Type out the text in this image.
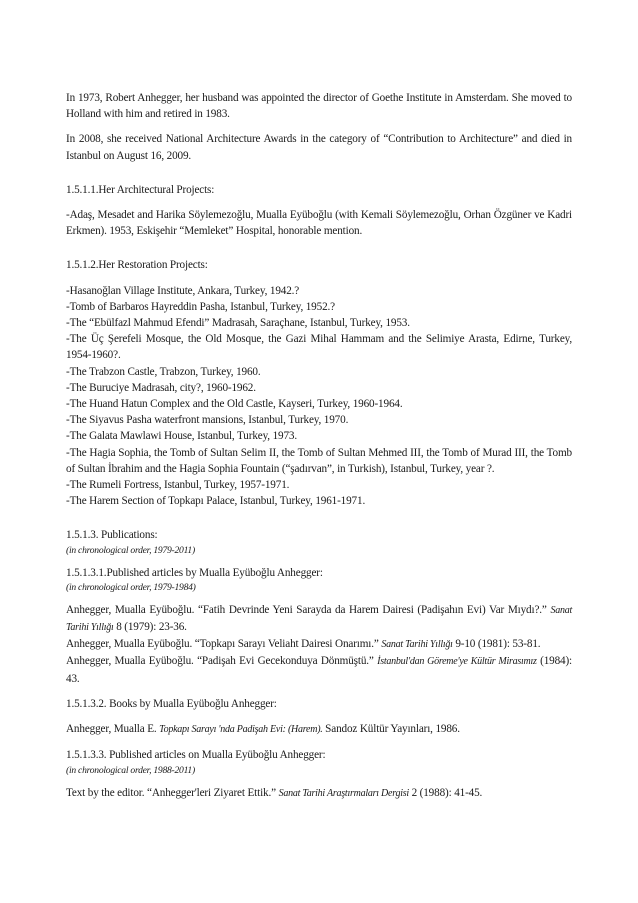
In 1973, Robert Anhegger, her husband was appointed the director of Goethe Institute in Amsterdam. She moved to Holland with him and retired in 1983.

In 2008, she received National Architecture Awards in the category of “Contribution to Architecture” and died in Istanbul on August 16, 2009.

1.5.1.1.Her Architectural Projects:

-Adaş, Mesadet and Harika Söylemezoğlu, Mualla Eyüboğlu (with Kemali Söylemezoğlu, Orhan Özgüner ve Kadri Erkmen). 1953, Eskişehir “Memleket” Hospital, honorable mention.

1.5.1.2.Her Restoration Projects:

-Hasanoğlan Village Institute, Ankara, Turkey, 1942.?

-Tomb of Barbaros Hayreddin Pasha, Istanbul, Turkey, 1952.?

-The “Ebülfazl Mahmud Efendi” Madrasah, Saraçhane, Istanbul, Turkey, 1953.

-The Üç Şerefeli Mosque, the Old Mosque, the Gazi Mihal Hammam and the Selimiye Arasta, Edirne, Turkey, 1954-1960?.

-The Trabzon Castle, Trabzon, Turkey, 1960.

-The Buruciye Madrasah, city?, 1960-1962.

-The Huand Hatun Complex and the Old Castle, Kayseri, Turkey, 1960-1964.

-The Siyavus Pasha waterfront mansions, Istanbul, Turkey, 1970.

-The Galata Mawlawi House, Istanbul, Turkey, 1973.

-The Hagia Sophia, the Tomb of Sultan Selim II, the Tomb of Sultan Mehmed III, the Tomb of Murad III, the Tomb of Sultan İbrahim and the Hagia Sophia Fountain (“şadırvan”, in Turkish), Istanbul, Turkey, year ?.

-The Rumeli Fortress, Istanbul, Turkey, 1957-1971.

-The Harem Section of Topkapı Palace, Istanbul, Turkey, 1961-1971.

1.5.1.3. Publications:

(in chronological order, 1979-2011)

1.5.1.3.1.Published articles by Mualla Eyüboğlu Anhegger:

(in chronological order, 1979-1984)

Anhegger, Mualla Eyüboğlu. “Fatih Devrinde Yeni Sarayda da Harem Dairesi (Padişahın Evi) Var Mıydı?.” Sanat Tarihi Yıllığı 8 (1979): 23-36.

Anhegger, Mualla Eyüboğlu. “Topkapı Sarayı Veliaht Dairesi Onarımı.” Sanat Tarihi Yıllığı 9-10 (1981): 53-81.

Anhegger, Mualla Eyüboğlu. “Padişah Evi Gecekonduya Dönmüştü.” İstanbul'dan Göreme'ye Kültür Mirasımız (1984): 43.

1.5.1.3.2. Books by Mualla Eyüboğlu Anhegger:

Anhegger, Mualla E. Topkapı Sarayı 'nda Padişah Evi: (Harem). Sandoz Kültür Yayınları, 1986.

1.5.1.3.3. Published articles on Mualla Eyüboğlu Anhegger:

(in chronological order, 1988-2011)

Text by the editor. “Anhegger'leri Ziyaret Ettik.” Sanat Tarihi Araştırmaları Dergisi 2 (1988): 41-45.
